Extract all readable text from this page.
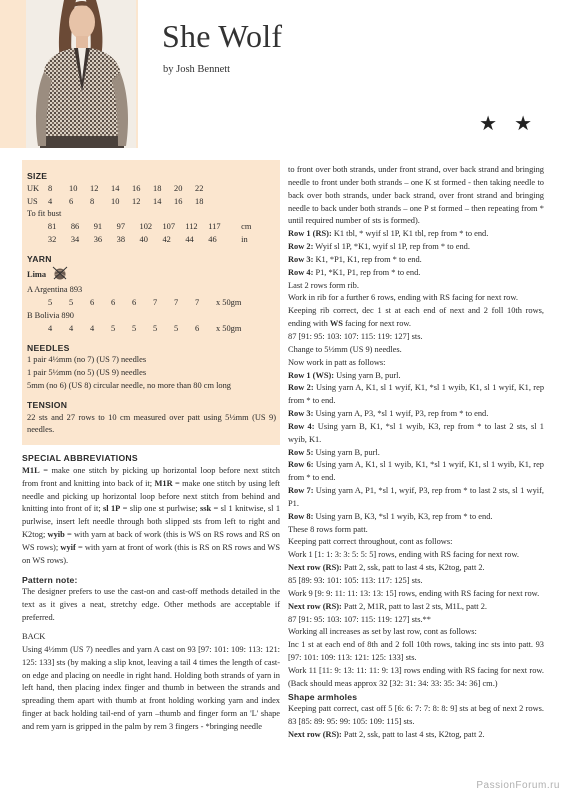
She Wolf
by Josh Bennett
★ ★
SIZE
UK	8	10	12	14	16	18	20	22
US	4	6	8	10	12	14	16	18
To fit bust
81	86	91	97	102	107	112	117	cm
32	34	36	38	40	42	44	46	in
YARN
Lima
A Argentina 893
5	5	6	6	6	7	7	7	x 50gm
B Bolivia 890
4	4	4	5	5	5	5	6	x 50gm
NEEDLES
1 pair 4½mm (no 7) (US 7) needles
1 pair 5½mm (no 5) (US 9) needles
5mm (no 6) (US 8) circular needle, no more than 80 cm long
TENSION
22 sts and 27 rows to 10 cm measured over patt using 5½mm (US 9) needles.
SPECIAL ABBREVIATIONS
M1L = make one stitch by picking up horizontal loop before next stitch from front and knitting into back of it; M1R = make one stitch by using left needle and picking up horizontal loop before next stitch from behind and knitting into front of it; sl 1P = slip one st purlwise; ssk = sl 1 knitwise, sl 1 purlwise, insert left needle through both slipped sts from left to right and K2tog; wyib = with yarn at back of work (this is WS on RS rows and RS on WS rows); wyif = with yarn at front of work (this is RS on RS rows and WS on WS rows).
Pattern note:
The designer prefers to use the cast-on and cast-off methods detailed in the text as it gives a neat, stretchy edge. Other methods are acceptable if preferred.
BACK
Using 4½mm (US 7) needles and yarn A cast on 93 [97: 101: 109: 113: 121: 125: 133] sts (by making a slip knot, leaving a tail 4 times the length of cast-on edge and placing on needle in right hand. Holding both strands of yarn in left hand, then placing index finger and thumb in between the strands and spreading them apart with thumb at front holding working yarn and index finger at back holding tail-end of yarn –thumb and finger form an 'L' shape and rem yarn is gripped in the palm by rem 3 fingers - *bringing needle
to front over both strands, under front strand, over back strand and bringing needle to front under both strands – one K st formed - then taking needle to back over both strands, under back strand, over front strand and bringing needle to back under both strands – one P st formed – then repeating from * until required number of sts is formed).
Row 1 (RS): K1 tbl, * wyif sl 1P, K1 tbl, rep from * to end.
Row 2: Wyif sl 1P, *K1, wyif sl 1P, rep from * to end.
Row 3: K1, *P1, K1, rep from * to end.
Row 4: P1, *K1, P1, rep from * to end.
Last 2 rows form rib.
Work in rib for a further 6 rows, ending with RS facing for next row.
Keeping rib correct, dec 1 st at each end of next and 2 foll 10th rows, ending with WS facing for next row.
87 [91: 95: 103: 107: 115: 119: 127] sts.
Change to 5½mm (US 9) needles.
Now work in patt as follows:
Row 1 (WS): Using yarn B, purl.
Row 2: Using yarn A, K1, sl 1 wyif, K1, *sl 1 wyib, K1, sl 1 wyif, K1, rep from * to end.
Row 3: Using yarn A, P3, *sl 1 wyif, P3, rep from * to end.
Row 4: Using yarn B, K1, *sl 1 wyib, K3, rep from * to last 2 sts, sl 1 wyib, K1.
Row 5: Using yarn B, purl.
Row 6: Using yarn A, K1, sl 1 wyib, K1, *sl 1 wyif, K1, sl 1 wyib, K1, rep from * to end.
Row 7: Using yarn A, P1, *sl 1, wyif, P3, rep from * to last 2 sts, sl 1 wyif, P1.
Row 8: Using yarn B, K3, *sl 1 wyib, K3, rep from * to end.
These 8 rows form patt.
Keeping patt correct throughout, cont as follows:
Work 1 [1: 1: 3: 3: 5: 5: 5] rows, ending with RS facing for next row.
Next row (RS): Patt 2, ssk, patt to last 4 sts, K2tog, patt 2.
85 [89: 93: 101: 105: 113: 117: 125] sts.
Work 9 [9: 9: 11: 11: 13: 13: 15] rows, ending with RS facing for next row.
Next row (RS): Patt 2, M1R, patt to last 2 sts, M1L, patt 2.
87 [91: 95: 103: 107: 115: 119: 127] sts.**
Working all increases as set by last row, cont as follows:
Inc 1 st at each end of 8th and 2 foll 10th rows, taking inc sts into patt. 93 [97: 101: 109: 113: 121: 125: 133] sts.
Work 11 [11: 9: 13: 11: 11: 9: 13] rows ending with RS facing for next row. (Back should meas approx 32 [32: 31: 34: 33: 35: 34: 36] cm.)
Shape armholes
Keeping patt correct, cast off 5 [6: 6: 7: 7: 8: 8: 9] sts at beg of next 2 rows. 83 [85: 89: 95: 99: 105: 109: 115] sts.
Next row (RS): Patt 2, ssk, patt to last 4 sts, K2tog, patt 2.
PassionForum.ru
